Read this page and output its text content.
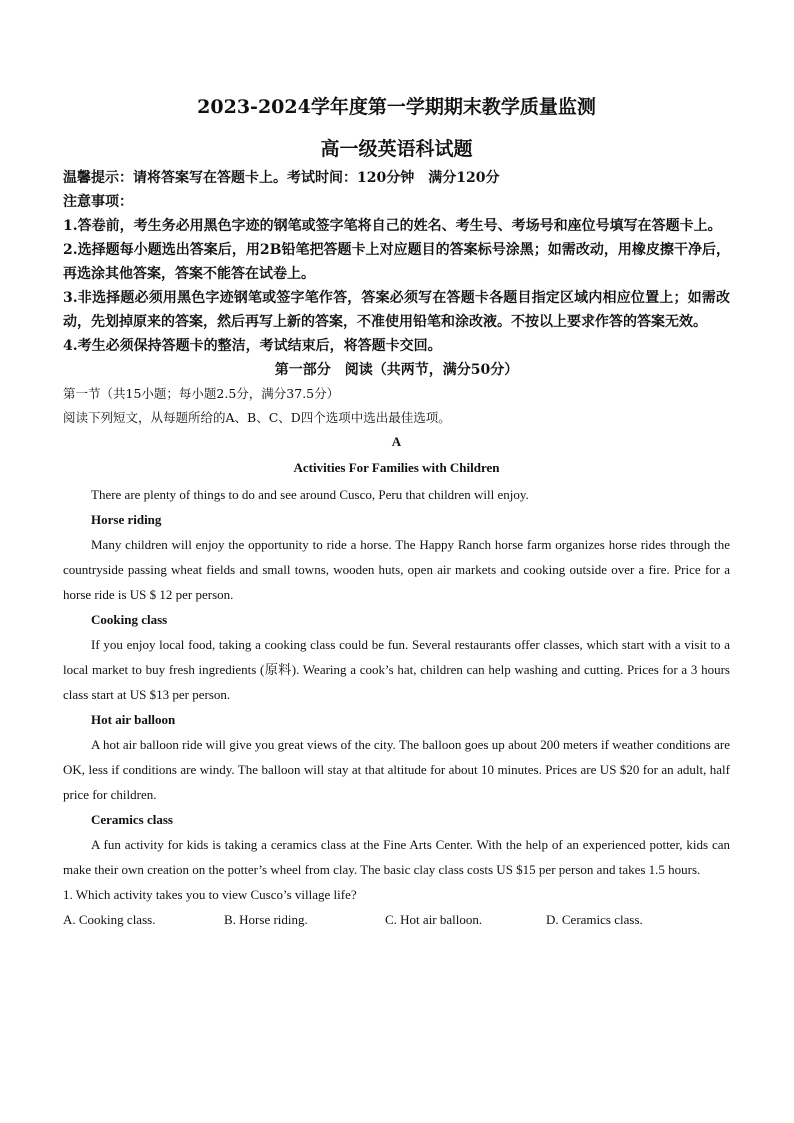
2023-2024学年度第一学期期末教学质量监测
高一级英语科试题
温馨提示：请将答案写在答题卡上。考试时间：120分钟　满分120分
注意事项：
1.答卷前，考生务必用黑色字迹的钢笔或签字笔将自己的姓名、考生号、考场号和座位号填写在答题卡上。
2.选择题每小题选出答案后，用2B铅笔把答题卡上对应题目的答案标号涂黑；如需改动，用橡皮擦干净后，再选涂其他答案，答案不能答在试卷上。
3.非选择题必须用黑色字迹钢笔或签字笔作答，答案必须写在答题卡各题目指定区域内相应位置上；如需改动，先划掉原来的答案，然后再写上新的答案，不准使用铅笔和涂改液。不按以上要求作答的答案无效。
4.考生必须保持答题卡的整洁，考试结束后，将答题卡交回。
第一部分　阅读（共两节，满分50分）
第一节（共15小题；每小题2.5分，满分37.5分）
阅读下列短文，从每题所给的A、B、C、D四个选项中选出最佳选项。
A
Activities For Families with Children
There are plenty of things to do and see around Cusco, Peru that children will enjoy.
Horse riding
Many children will enjoy the opportunity to ride a horse. The Happy Ranch horse farm organizes horse rides through the countryside passing wheat fields and small towns, wooden huts, open air markets and cooking outside over a fire. Price for a horse ride is US $ 12 per person.
Cooking class
If you enjoy local food, taking a cooking class could be fun. Several restaurants offer classes, which start with a visit to a local market to buy fresh ingredients (原料). Wearing a cook’s hat, children can help washing and cutting. Prices for a 3 hours class start at US $13 per person.
Hot air balloon
A hot air balloon ride will give you great views of the city. The balloon goes up about 200 meters if weather conditions are OK, less if conditions are windy. The balloon will stay at that altitude for about 10 minutes. Prices are US $20 for an adult, half price for children.
Ceramics class
A fun activity for kids is taking a ceramics class at the Fine Arts Center. With the help of an experienced potter, kids can make their own creation on the potter’s wheel from clay. The basic clay class costs US $15 per person and takes 1.5 hours.
1. Which activity takes you to view Cusco’s village life?
A. Cooking class.	B. Horse riding.	C. Hot air balloon.	D. Ceramics class.
